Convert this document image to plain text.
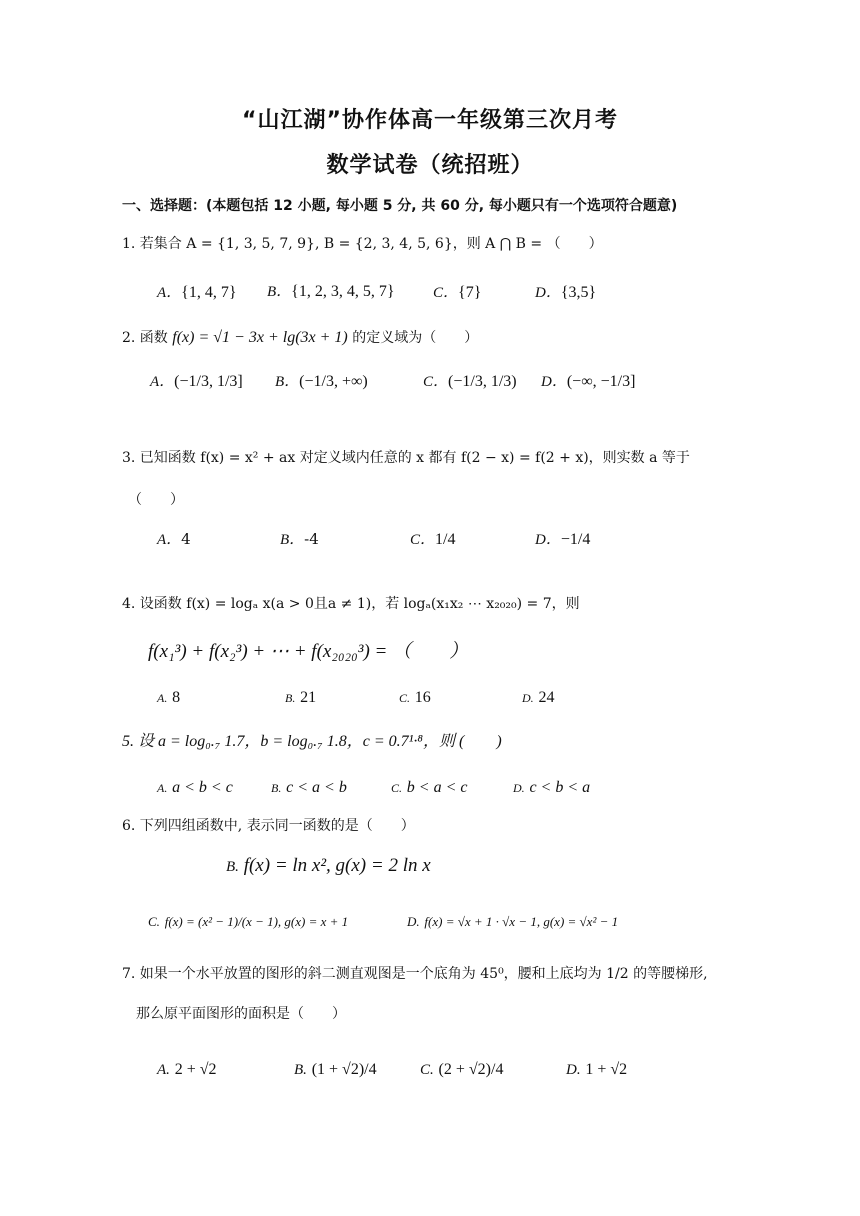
“山江湖”协作体高一年级第三次月考
数学试卷（统招班）
一、选择题：(本题包括 12 小题, 每小题 5 分, 共 60 分, 每小题只有一个选项符合题意)
1. 若集合 A = {1, 3, 5, 7, 9}, B = {2, 3, 4, 5, 6}，则 A ⋂ B = （　　）
A．{1, 4, 7} B．{1, 2, 3, 4, 5, 7}	C．{7}	D．{3,5}
2. 函数 f(x) = √1 − 3x + lg(3x + 1) 的定义域为（　　）
A．(−1/3, 1/3] B．(−1/3, +∞)	C．(−1/3, 1/3) D．(−∞, −1/3]
3. 已知函数 f(x) = x² + ax 对定义域内任意的 x 都有 f(2 − x) = f(2 + x)，则实数 a 等于
（　　）
A．4	B．-4	C．1/4	D．−1/4
4. 设函数 f(x) = logₐ x(a > 0且a ≠ 1)，若 logₐ(x₁x₂ ⋯ x₂₀₂₀) = 7，则
f(x₁³) + f(x₂³) + ⋯ + f(x₂₀₂₀³) = （　　）
A. 8	B. 21	C. 16	D. 24
5. 设 a = log₀.₇ 1.7，b = log₀.₇ 1.8，c = 0.7¹·⁸，则 (　　)
A. a < b < c	B. c < a < b	C. b < a < c	D. c < b < a
6. 下列四组函数中, 表示同一函数的是（　　）
B. f(x) = ln x², g(x) = 2 ln x
C. f(x) = (x² − 1)/(x − 1), g(x) = x + 1	D. f(x) = √x + 1 · √x − 1, g(x) = √x² − 1
7. 如果一个水平放置的图形的斜二测直观图是一个底角为 45⁰，腰和上底均为 1/2 的等腰梯形,
那么原平面图形的面积是（　　）
A. 2 + √2	B. (1 + √2)/4	C. (2 + √2)/4	D. 1 + √2
